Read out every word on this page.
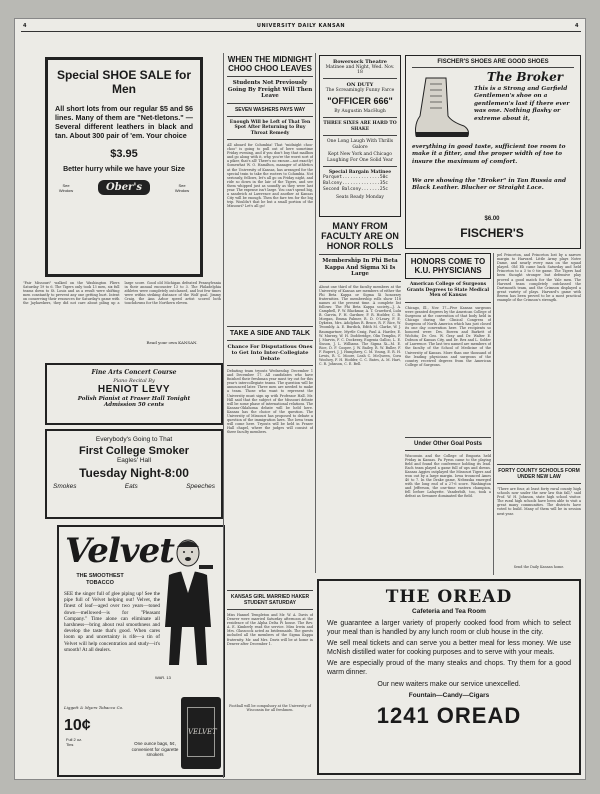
4	UNIVERSITY DAILY KANSAN	4
Special SHOE SALE for Men
All short lots from our regular $5 and $6 lines. Many of them are "Net-tletons." — Several different leathers in black and tan. About 300 pair of 'em. Your choice
$3.95
Better hurry while we have your Size
See Window	Ober's	See Window
"Fair Missouri" walked on the Washington Fliers Saturday 19 to 6. The Tigers only took 13 men, six full teams down to St. Louis and as a result were shifting men constantly to prevent any one getting hurt. Intent on conserving their resources for Saturday's game with the Jayhawkers, they did not care about piling up a large score. Good old Michigan defeated Pennsylvania in their annual encounter 13 to 3. The Philadelphia athletes were completely outclassed, and but few times were within striking distance of the Wolf goal. Jimmy Craig, the Ann Arbor speed artist scored both touchdowns for the Northern eleven.
Read your own KANSAN.
Fine Arts Concert Course
Piano Recital By
HENIOT LEVY
Polish Pianist at Fraser Hall Tonight
Admission 50 cents
Everybody's Going to That
First College Smoker
Eagles' Hall
Tuesday Night-8:00
Smokes	Eats	Speeches
Velvet
THE SMOOTHEST TOBACCO
WAR. 13
SEE the singer full of glee piping up! See the pipe full of Velvet helping out! Velvet, the finest of leaf—aged over two years—toned down—mellowed—is for "Pleasant Company." Time alone can eliminate all harshness—bring about real smoothness and develop the taste that's good. When cares loom up and uncertainty is rife—a tin of Velvet will help concentration and study—it's smooth! At all dealers.
Liggett & Myers Tobacco Co.
10¢
Full 2 oz. Tins
VELVET
One ounce bags, 5¢, convenient for cigarette smokers
WHEN THE MIDNIGHT CHOO CHOO LEAVES
Students Not Previously Going By Freight Will Then Leave
SEVEN WASHERS PAYS WAY
Enough Will be Left of That Ten Spot After Returning to Buy Throat Remedy
All aboard for Columbia! That "midnight choo-choo" is going to pull out of here sometime Friday evening, and if you don't buy that mailbox and go along with it, why, you're the worst sort of a piker, that's all! There's no excuse—not exactly! Somewhat W. O. Hamilton, manager of athletics at the University of Kansas, has arranged for the special train to take the rooters to Columbia. Not seriously, fellows, let's all go on Friday night, and ride so down in the lair of the Tigers, and see them whipped just as soundly as they were last year. The expense isn't large. You can't spend big, a sandwich at Lawrence and another at Kansas City will be enough. Then the fare ten for the big trip. Wouldn't that be but a small portion of the Missouri? Let's all go!
TAKE A SIDE AND TALK
Chance For Disputatious Ones to Get Into Inter-Collegiate Debate
Debating team tryouts Wednesday, December 1 and December 17. All candidates who have finished their freshman year must try out for this year's intercollegiate teams. The question will be announced later. Three men are needed to make a team. Those who want to represent the University must sign up with Professor Hall. Mr. Hill said that the subject of the Missouri debate will be some phase of international relations. The Kansas-Oklahoma debate will be held here. Kansas has the choice of the question. The University of Missouri has proposed to debate a question of the immigration laws. The Iowa team will come here. Tryouts will be held in Fraser Hall chapel, where the judges will consist of three faculty members.
KANSAS GIRL MARRIED HAKER STUDENT SATURDAY
Miss Hannel Templeton and Mr. W. A. Davis of Denver were married Saturday afternoon at the residence of the Alpha Delta Pi house. The Rev. A. E. Kimberly read the service. Miss Irwin and Mrs. Glasscock acted as bridesmaids. The guests included all the members of the Sigma Kappa fraternity. Mr. and Mrs. Davis will be at home in Denver after December 1.
Football will be compulsory at the University of Wisconsin for all freshmen.
Bowersock Theatre
Matinee and Night, Wed. Nov. 18
ON DUTY
The Screamingly Funny Farce
"OFFICER 666"
By Augustin MacHugh
THREE SIXES ARE HARD TO SHAKE
One Long Laugh With Thrills Galore
Kept New York and Chicago Laughing For One Solid Year
Special Bargain Matinee
Parquet..............50c
Balcony..............35c
Second Balcony.......25c
Seats Ready Monday
MANY FROM FACULTY ARE ON HONOR ROLLS
Membership In Phi Beta Kappa And Sigma Xi Is Large
About one third of the faculty members at the University of Kansas are members of either the Phi Beta Kappa or Sigma Xi honorary fraternities. The membership rolls show 118 names at the present time. A complete list follows: The Phi Beta Kappa society—J. A. Campbell, F. W. Blackmar, A. T. Crawford, Lulu B. Garvin, F. H. Gardner, F. R. Hodder, C. B. Morgan, Emma Palmer, R. D. O'Leary, F. E. Dykstra, Mrs. Adolphus R. Bruce, R. F. Rice, W. Twombly. A. E. Burdick, Edith M. Clarke, W. J. Baumgartner, Myrtle Craig, Paul A. Harder, E. W. Murray, W. H. Dodderidge, Olin Templin, F. J. Marvin, F. C. Dockeray, Eugenia Galloo, L. E. Sisson, J. L. Williams. The Sigma Xi—M. E. Rice, D. F. Cooper, J. W. Bailey, R. W. Buller, F. F. Rupert, J. J. Humphrey, C. M. Young, E. R. H. Lewis, R. C. Moore, Leah C. McQueen, Cora Woolsey, F. H. Hodder, C. C. Bates, A. M. Hart, C. R. Johnson, C. E. Bell.
FISCHER'S SHOES ARE GOOD SHOES
The Broker
This is a Strong and Garfield Gentlemen's shoe on a gentlemen's last if there ever was one. Nothing flashy or extreme about it,
everything in good taste, sufficient toe room to make it a fitter, and the proper width of toe to insure the maximum of comfort.
We are showing the "Broker" in Tan Russia and Black Leather. Blucher or Straight Lace.
$6.00
FISCHER'S
HONORS COME TO K.U. PHYSICIANS
American College of Surgeons Grants Degrees to State Medical Men of Kansas
Chicago, Ill., Nov. 17—Five Kansas surgeons were granted degrees by the American College of Surgeons at the convention of that body held in Chicago during the Clinical Congress of Surgeons of North America which has just closed its one day convention here. The recipients so honored were: Drs. Bowen and Barkett of Wichita; Dr. Geo. W. Gray and Dr. Walter E. Dobson of Kansas City, and Dr. Rex and L. Solder of Lawrence. The last two named are members of the faculty of the School of Medicine of the University of Kansas. More than one thousand of the leading physicians and surgeons of the country received degrees from the American College of Surgeons.
Under Other Goal Posts
Wisconsin and the College of Emporia held Friday in Kansas. Pa Pyron came to the playing field and found the conference holding its lead. Each team played a game full of ups and downs. Kansas Aggies outplayed the Missouri Tigers and won out by a large margin. Iowa trounced Ames 40 to 7. In the Drake game, Nebraska emerged with the long end of a 27-6 score. Washington and Jefferson, the one-time eastern champion, fell before Lafayette. Vanderbilt, too, took a defeat as Sewanee dominated the field.
pel Princeton, and Princeton lost by a narrow margin to Harvard. Little Army plays Notre Dame, and nearly every man on the squad played. Old Eli came back Saturday and held Princeton to a 3 to 0 tie game. The Tigers had been thought stronger but defensive play proved a good match for the Yale men. The Harvard team completely outclassed the Dartmouth team, and the Crimson displayed a great variety of plays. Harvard's game with Brown has been proved to be a most practical example of the Crimson's strength.
FORTY COUNTY SCHOOLS FORM UNDER NEW LAW
"There are four, at least forty rural county high schools now under the new law this fall," said Prof. W. H. Johnson, state high school visitor. The rural high schools have been able to visit a great many communities. The districts have voted to build. Many of them will be in session next year.
Send the Daily Kansan home.
THE OREAD
Cafeteria and Tea Room
We guarantee a larger variety of properly cooked food from which to select your meal than is handled by any lunch room or club house in the city.
We sell meal tickets and can serve you a better meal for less money. We use McNish distilled water for cooking purposes and to serve with your meals.
We are especially proud of the many steaks and chops. Try them for a good warm dinner.
Our new waiters make our service unexcelled.
Fountain—Candy—Cigars
1241 OREAD
